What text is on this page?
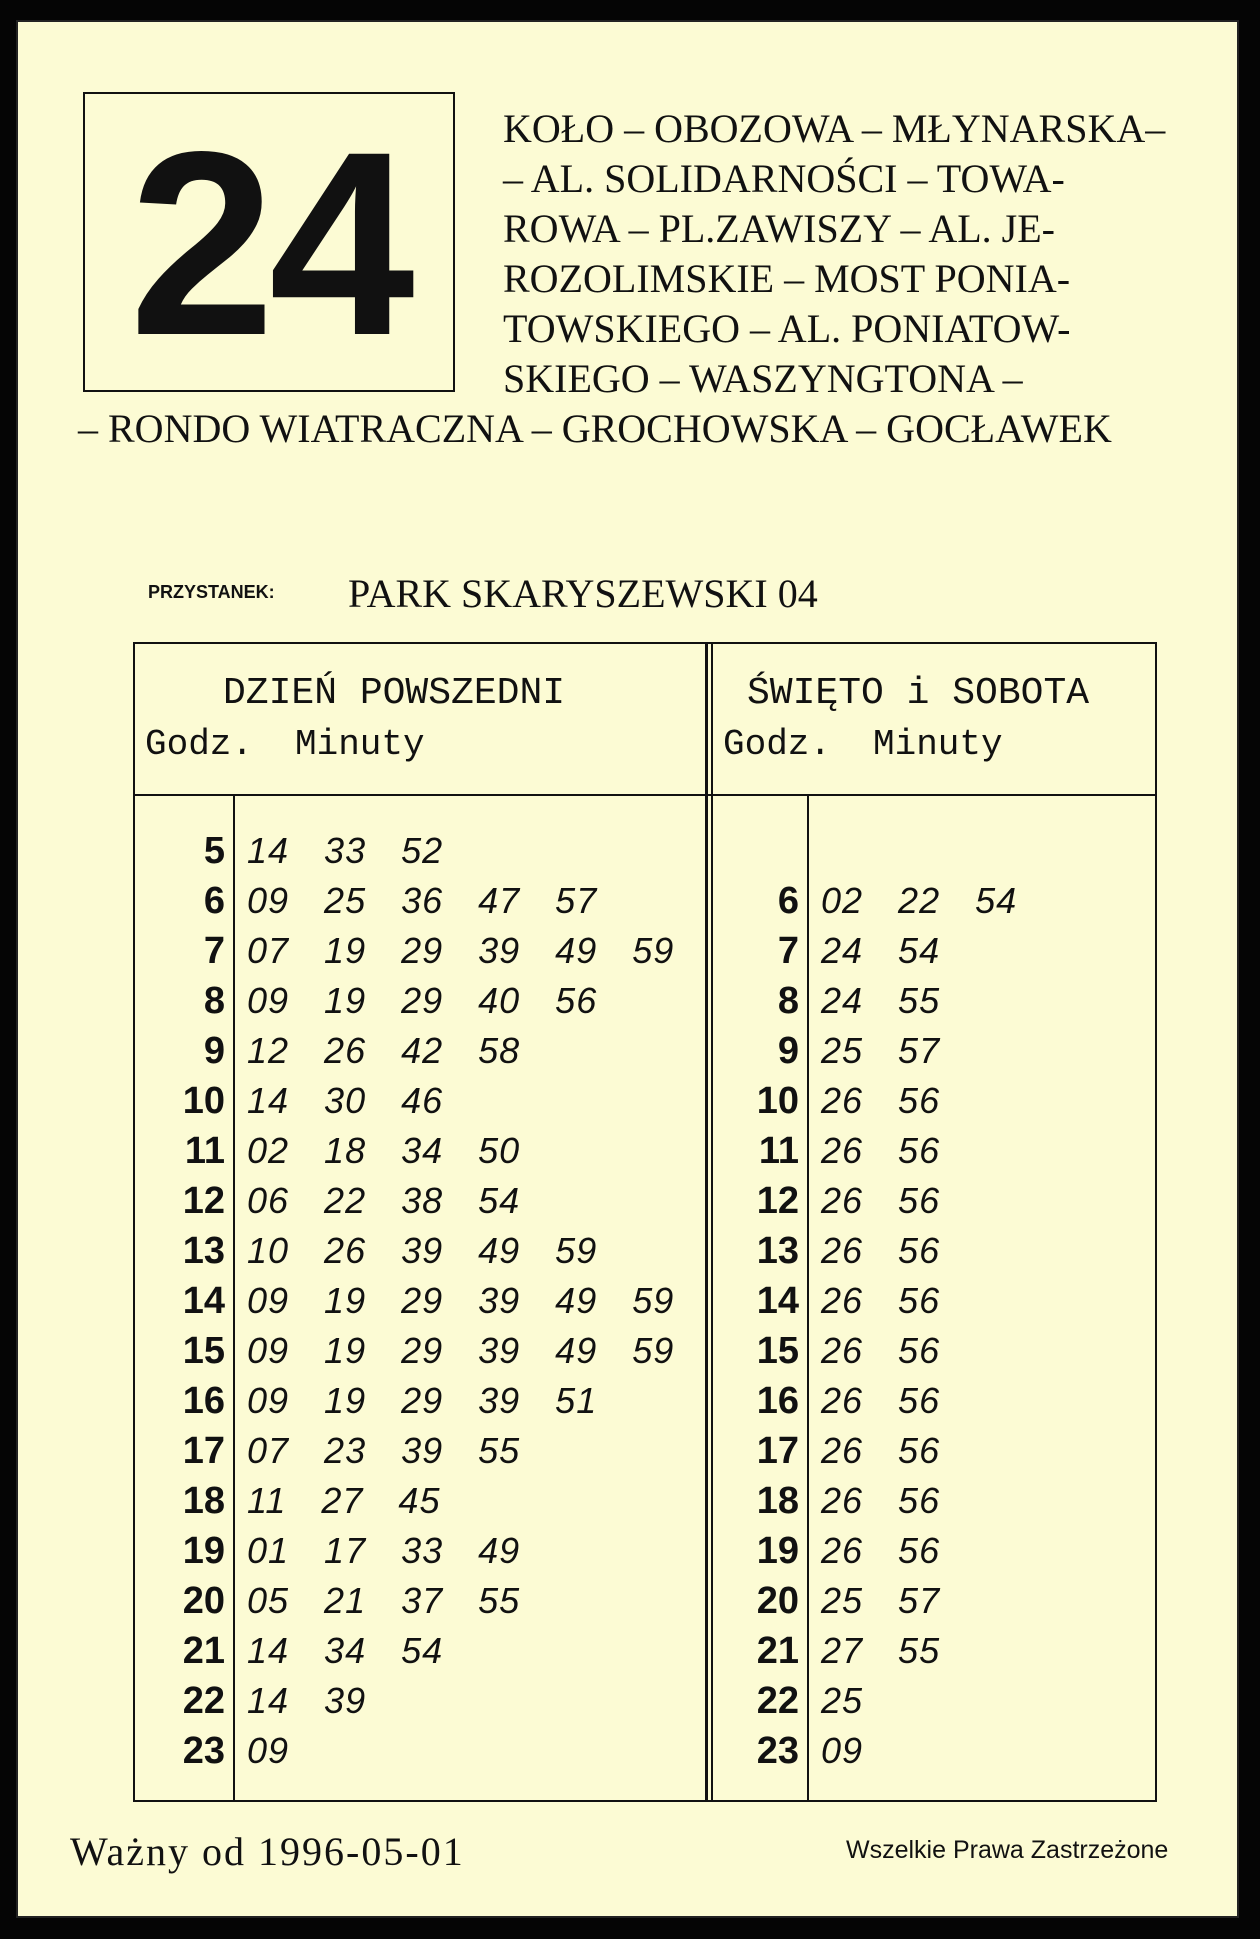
24	KOŁO – OBOZOWA – MŁYNARSKA–
– AL. SOLIDARNOŚCI – TOWA-
ROWA – PL.ZAWISZY – AL. JE-
ROZOLIMSKIE – MOST PONIA-
TOWSKIEGO – AL. PONIATOW-
SKIEGO – WASZYNGTONA –
– RONDO WIATRACZNA – GROCHOWSKA – GOCŁAWEK
PRZYSTANEK: PARK SKARYSZEWSKI 04
DZIEŃ POWSZEDNI
Godz. Minuty
ŚWIĘTO i SOBOTA
Godz. Minuty
5 14 33 52
6 09 25 36 47 57
7 07 19 29 39 49 59
8 09 19 29 40 56
9 12 26 42 58
10 14 30 46
11 02 18 34 50
12 06 22 38 54
13 10 26 39 49 59
14 09 19 29 39 49 59
15 09 19 29 39 49 59
16 09 19 29 39 51
17 07 23 39 55
18 11 27 45
19 01 17 33 49
20 05 21 37 55
21 14 34 54
22 14 39
23 09
6 02 22 54
7 24 54
8 24 55
9 25 57
10 26 56
11 26 56
12 26 56
13 26 56
14 26 56
15 26 56
16 26 56
17 26 56
18 26 56
19 26 56
20 25 57
21 27 55
22 25
23 09
Ważny od 1996-05-01	Wszelkie Prawa Zastrzeżone
